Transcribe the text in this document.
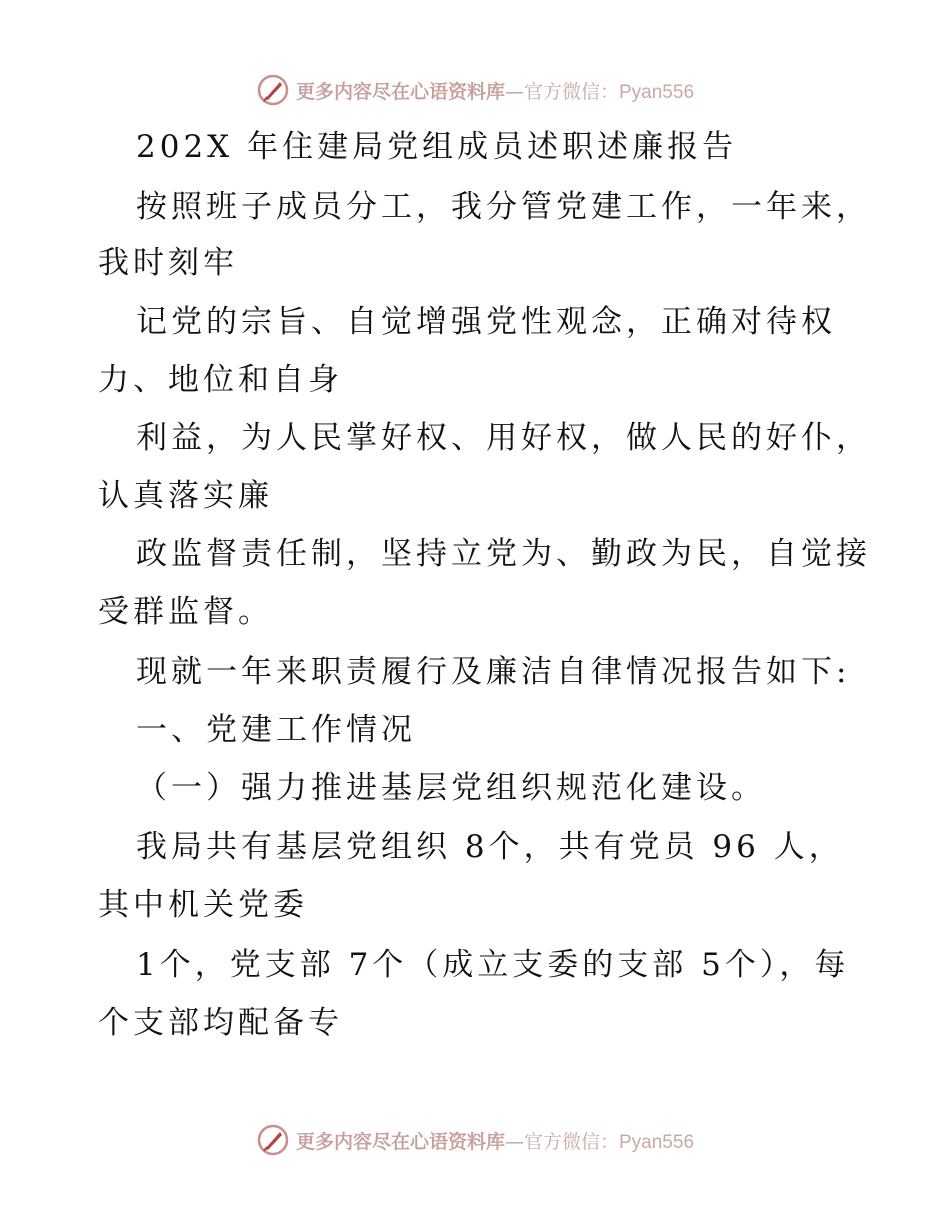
更多内容尽在心语资料库—官方微信：Pyan556
202X 年住建局党组成员述职述廉报告
按照班子成员分工，我分管党建工作，一年来，
我时刻牢
记党的宗旨、自觉增强党性观念，正确对待权
力、地位和自身
利益，为人民掌好权、用好权，做人民的好仆，
认真落实廉
政监督责任制，坚持立党为、勤政为民，自觉接
受群监督。
现就一年来职责履行及廉洁自律情况报告如下:
一、党建工作情况
（一）强力推进基层党组织规范化建设。
我局共有基层党组织 8个，共有党员 96 人，
其中机关党委
1个，党支部 7个（成立支委的支部 5个），每
个支部均配备专
更多内容尽在心语资料库—官方微信：Pyan556
